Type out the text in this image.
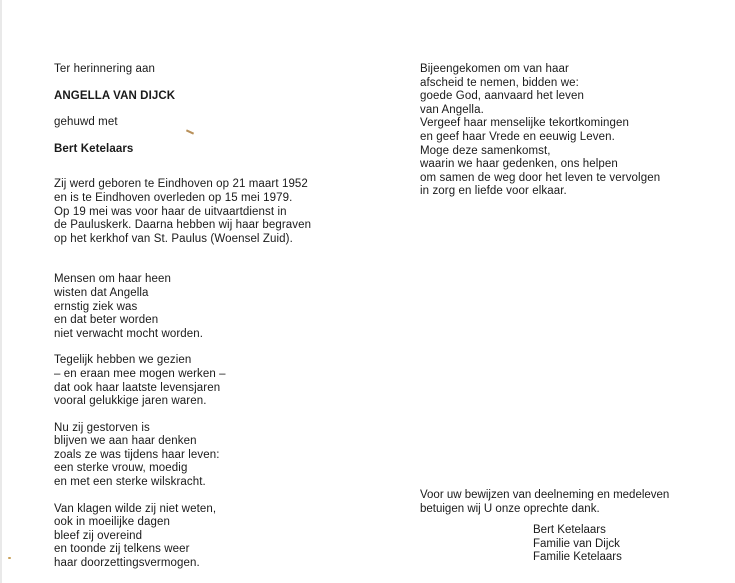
Ter herinnering aan
ANGELLA VAN DIJCK
gehuwd met
Bert Ketelaars
Zij werd geboren te Eindhoven op 21 maart 1952
en is te Eindhoven overleden op 15 mei 1979.
Op 19 mei was voor haar de uitvaartdienst in
de Pauluskerk. Daarna hebben wij haar begraven
op het kerkhof van St. Paulus (Woensel Zuid).
Mensen om haar heen
wisten dat Angella
ernstig ziek was
en dat beter worden
niet verwacht mocht worden.
Tegelijk hebben we gezien
– en eraan mee mogen werken –
dat ook haar laatste levensjaren
vooral gelukkige jaren waren.
Nu zij gestorven is
blijven we aan haar denken
zoals ze was tijdens haar leven:
een sterke vrouw, moedig
en met een sterke wilskracht.
Van klagen wilde zij niet weten,
ook in moeilijke dagen
bleef zij overeind
en toonde zij telkens weer
haar doorzettingsvermogen.
Bijeengekomen om van haar
afscheid te nemen, bidden we:
goede God, aanvaard het leven
van Angella.
Vergeef haar menselijke tekortkomingen
en geef haar Vrede en eeuwig Leven.
Moge deze samenkomst,
waarin we haar gedenken, ons helpen
om samen de weg door het leven te vervolgen
in zorg en liefde voor elkaar.
Voor uw bewijzen van deelneming en medeleven
betuigen wij U onze oprechte dank.
Bert Ketelaars
Familie van Dijck
Familie Ketelaars
